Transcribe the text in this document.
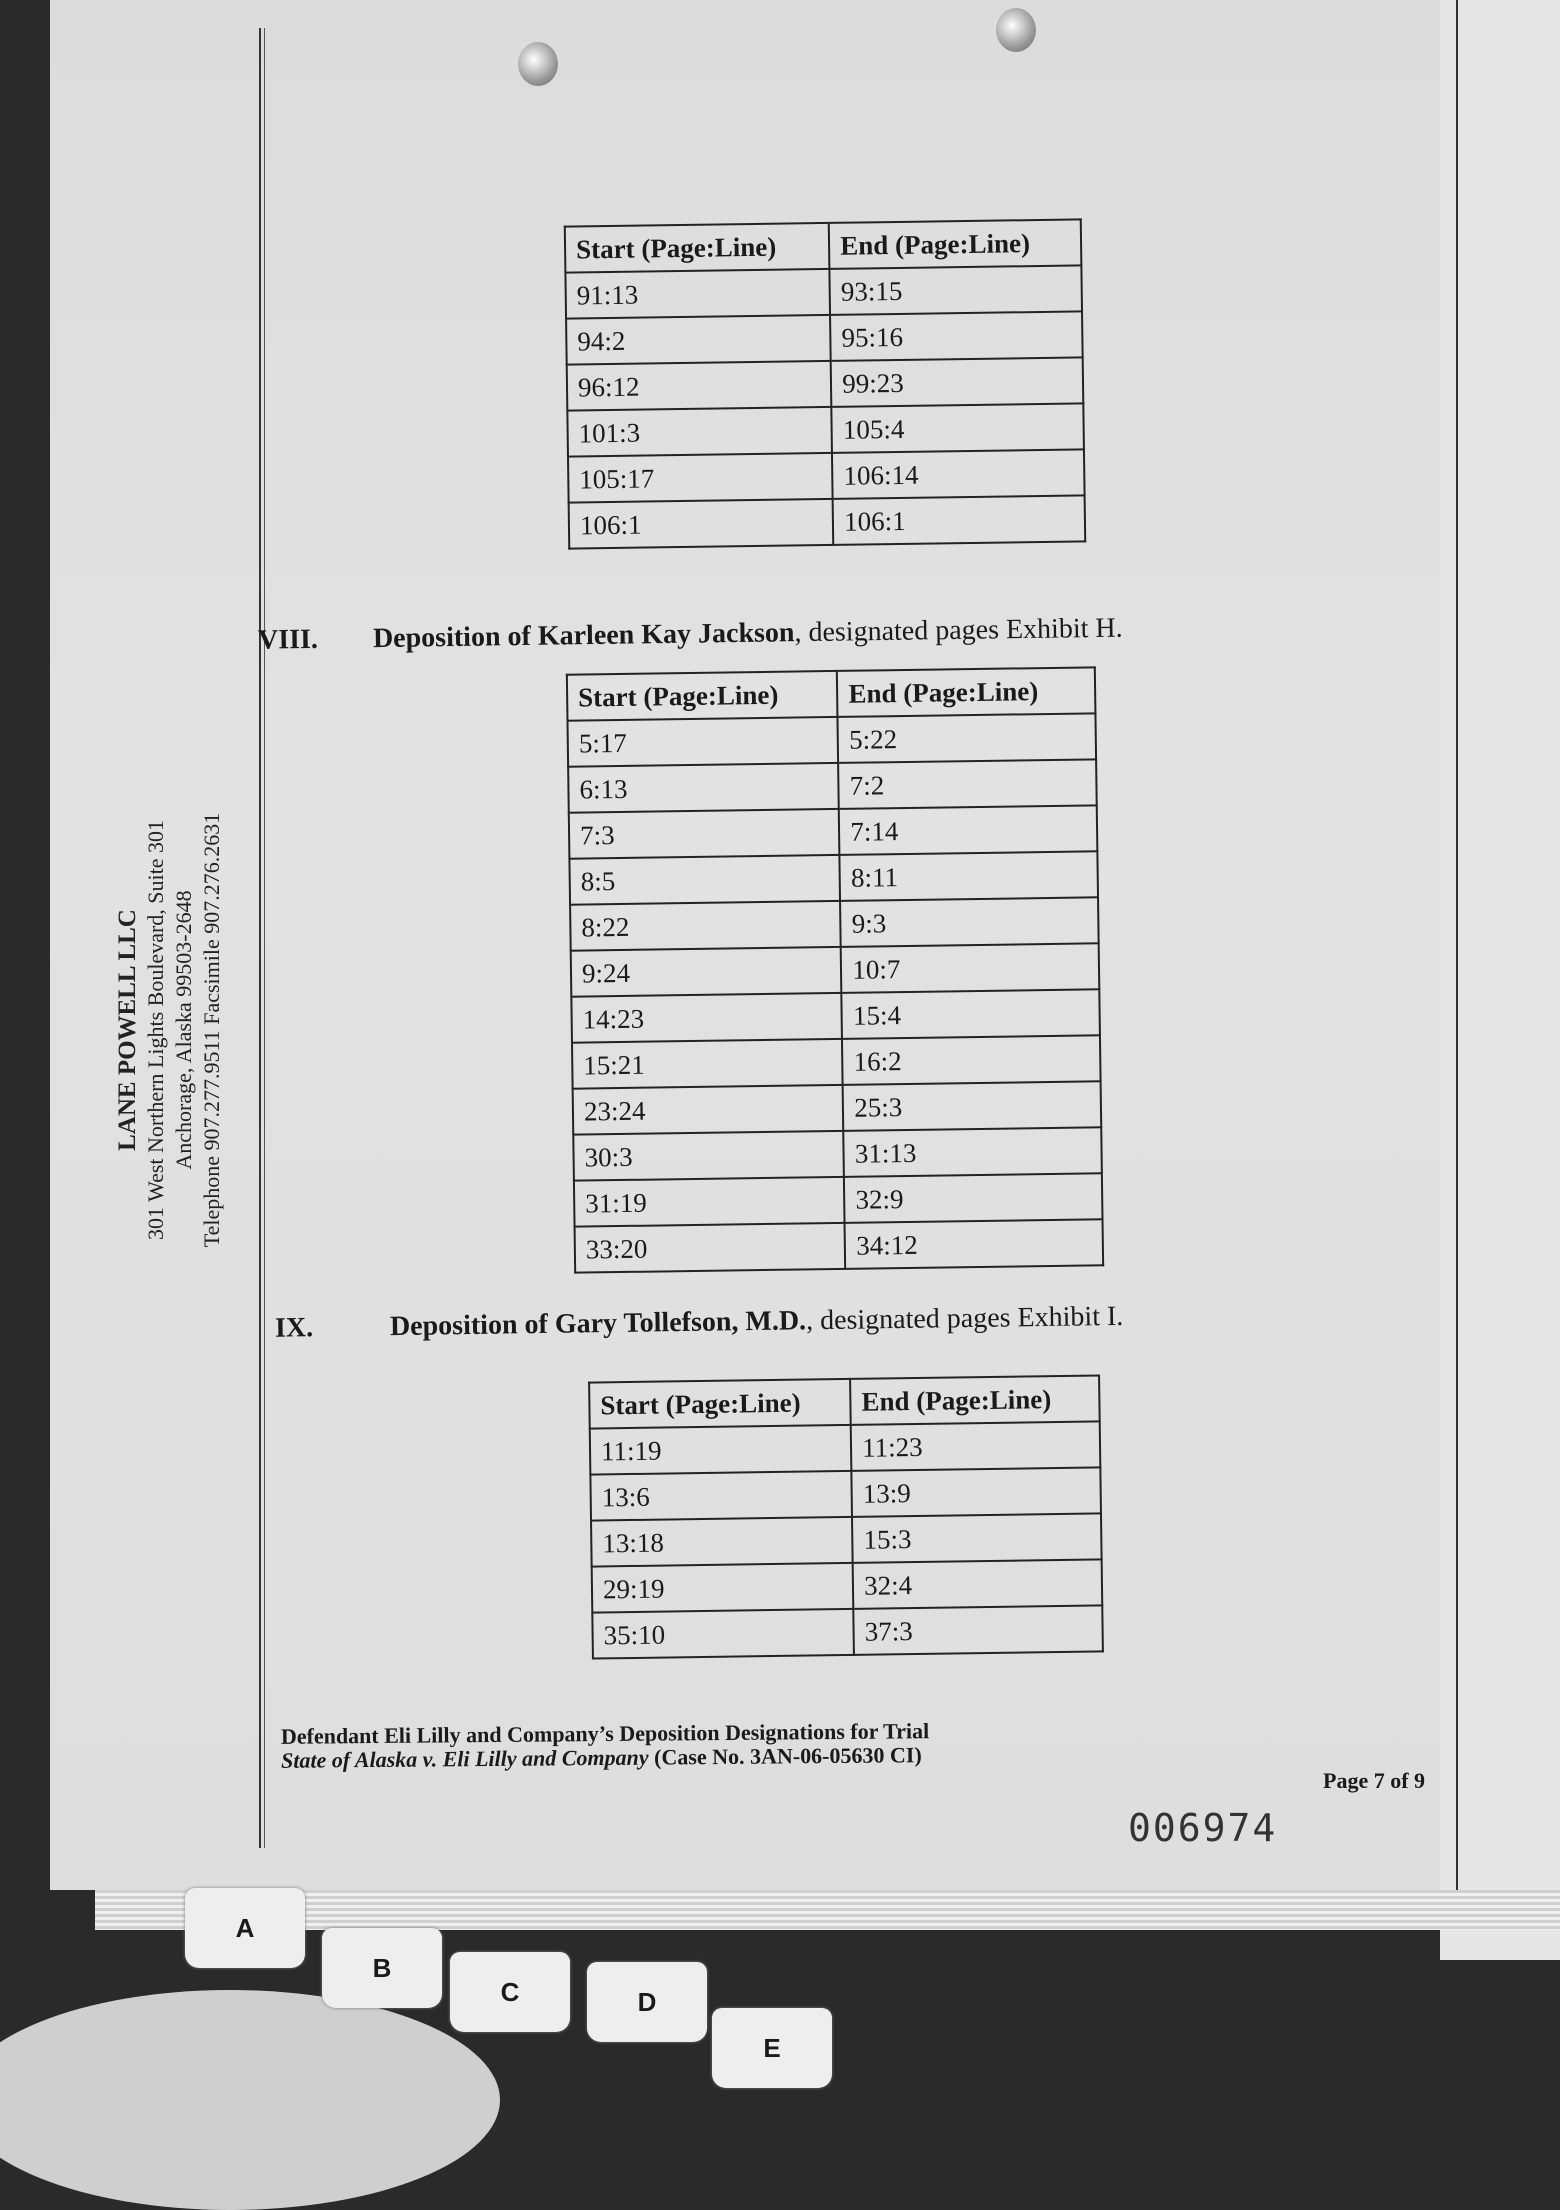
LANE POWELL LLC 301 West Northern Lights Boulevard, Suite 301 Anchorage, Alaska 99503-2648 Telephone 907.277.9511 Facsimile 907.276.2631
Start (Page:Line)	End (Page:Line)
91:13	93:15
94:2	95:16
96:12	99:23
101:3	105:4
105:17	106:14
106:1	106:1
VIII. Deposition of Karleen Kay Jackson, designated pages Exhibit H.
Start (Page:Line)	End (Page:Line)
5:17	5:22
6:13	7:2
7:3	7:14
8:5	8:11
8:22	9:3
9:24	10:7
14:23	15:4
15:21	16:2
23:24	25:3
30:3	31:13
31:19	32:9
33:20	34:12
IX.	Deposition of Gary Tollefson, M.D., designated pages Exhibit I.
Start (Page:Line)	End (Page:Line)
11:19	11:23
13:6	13:9
13:18	15:3
29:19	32:4
35:10	37:3
Defendant Eli Lilly and Company’s Deposition Designations for Trial
State of Alaska v. Eli Lilly and Company (Case No. 3AN-06-05630 CI)
Page 7 of 9
006974
A
B
C	D
E
